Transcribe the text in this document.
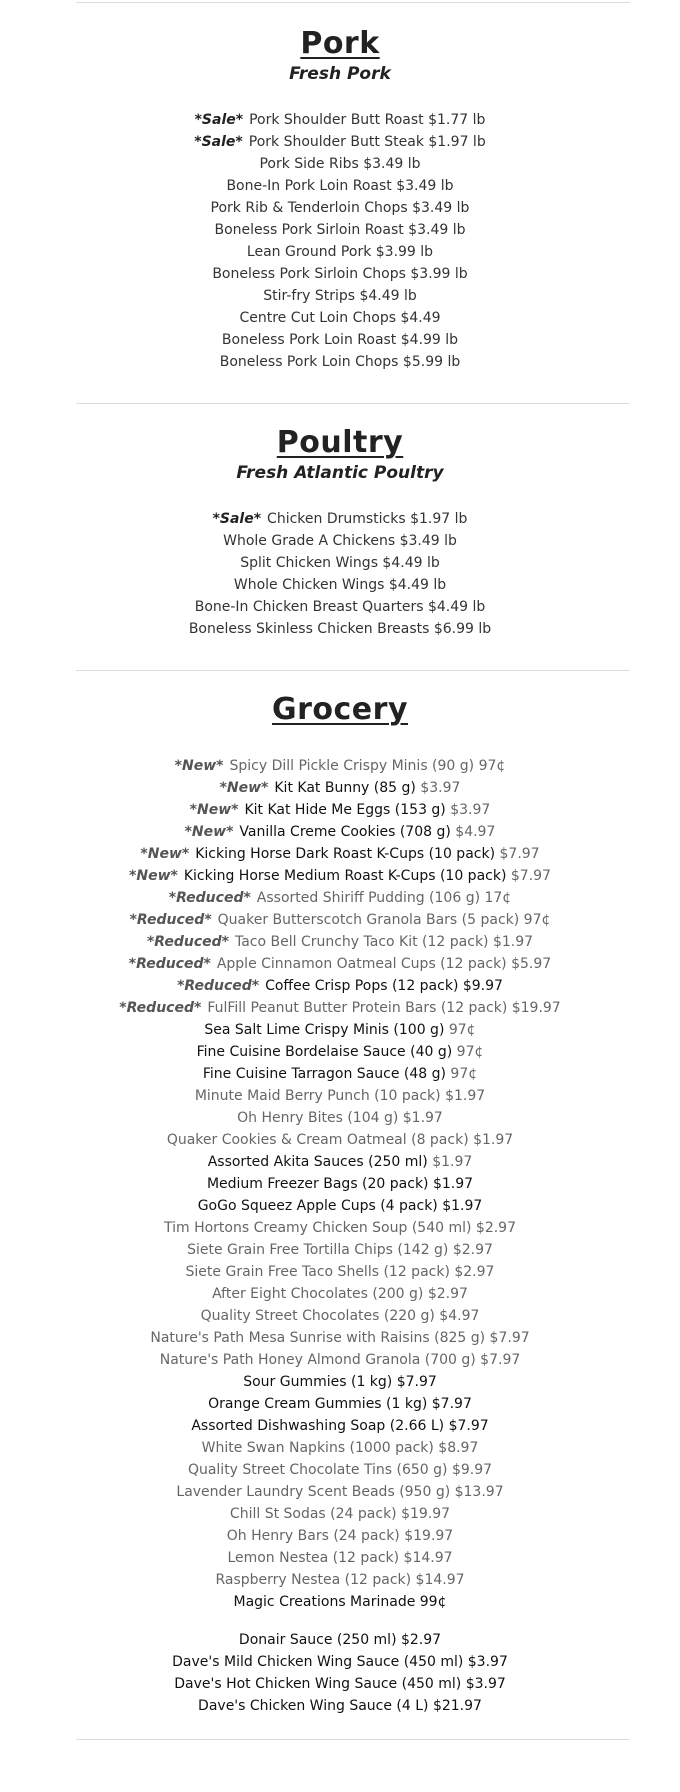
Pork
Fresh Pork
*Sale* Pork Shoulder Butt Roast $1.77 lb
*Sale* Pork Shoulder Butt Steak $1.97 lb
Pork Side Ribs $3.49 lb
Bone-In Pork Loin Roast $3.49 lb
Pork Rib & Tenderloin Chops $3.49 lb
Boneless Pork Sirloin Roast $3.49 lb
Lean Ground Pork $3.99 lb
Boneless Pork Sirloin Chops $3.99 lb
Stir-fry Strips $4.49 lb
Centre Cut Loin Chops $4.49
Boneless Pork Loin Roast $4.99 lb
Boneless Pork Loin Chops $5.99 lb
Poultry
Fresh Atlantic Poultry
*Sale* Chicken Drumsticks $1.97 lb
Whole Grade A Chickens $3.49 lb
Split Chicken Wings $4.49 lb
Whole Chicken Wings $4.49 lb
Bone-In Chicken Breast Quarters $4.49 lb
Boneless Skinless Chicken Breasts $6.99 lb
Grocery
*New* Spicy Dill Pickle Crispy Minis (90 g) 97¢
*New* Kit Kat Bunny (85 g) $3.97
*New* Kit Kat Hide Me Eggs (153 g) $3.97
*New* Vanilla Creme Cookies (708 g) $4.97
*New* Kicking Horse Dark Roast K-Cups (10 pack) $7.97
*New* Kicking Horse Medium Roast K-Cups (10 pack) $7.97
*Reduced* Assorted Shiriff Pudding (106 g) 17¢
*Reduced* Quaker Butterscotch Granola Bars (5 pack) 97¢
*Reduced* Taco Bell Crunchy Taco Kit (12 pack) $1.97
*Reduced* Apple Cinnamon Oatmeal Cups (12 pack) $5.97
*Reduced* Coffee Crisp Pops (12 pack) $9.97
*Reduced* FulFill Peanut Butter Protein Bars (12 pack) $19.97
Sea Salt Lime Crispy Minis (100 g) 97¢
Fine Cuisine Bordelaise Sauce (40 g) 97¢
Fine Cuisine Tarragon Sauce (48 g) 97¢
Minute Maid Berry Punch (10 pack) $1.97
Oh Henry Bites (104 g) $1.97
Quaker Cookies & Cream Oatmeal (8 pack) $1.97
Assorted Akita Sauces (250 ml) $1.97
Medium Freezer Bags (20 pack) $1.97
GoGo Squeez Apple Cups (4 pack) $1.97
Tim Hortons Creamy Chicken Soup (540 ml) $2.97
Siete Grain Free Tortilla Chips (142 g) $2.97
Siete Grain Free Taco Shells (12 pack) $2.97
After Eight Chocolates (200 g) $2.97
Quality Street Chocolates (220 g) $4.97
Nature's Path Mesa Sunrise with Raisins (825 g) $7.97
Nature's Path Honey Almond Granola (700 g) $7.97
Sour Gummies (1 kg) $7.97
Orange Cream Gummies (1 kg) $7.97
Assorted Dishwashing Soap (2.66 L) $7.97
White Swan Napkins (1000 pack) $8.97
Quality Street Chocolate Tins (650 g) $9.97
Lavender Laundry Scent Beads (950 g) $13.97
Chill St Sodas (24 pack) $19.97
Oh Henry Bars (24 pack) $19.97
Lemon Nestea (12 pack) $14.97
Raspberry Nestea (12 pack) $14.97
Magic Creations Marinade 99¢
Donair Sauce (250 ml) $2.97
Dave's Mild Chicken Wing Sauce (450 ml) $3.97
Dave's Hot Chicken Wing Sauce (450 ml) $3.97
Dave's Chicken Wing Sauce (4 L) $21.97
